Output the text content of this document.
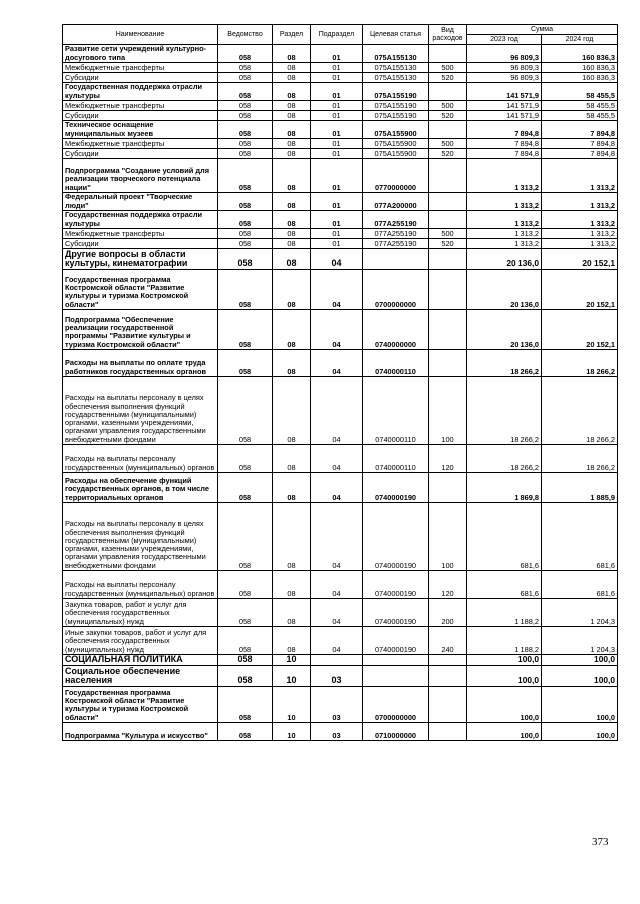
Наименование	Ведомство	Раздел	Подраздел	Целевая статья	Вид расходов	Сумма	
						2023 год	2024 год
Развитие сети учреждений культурно-досугового типа	058	08	01	075А155130		96 809,3	160 836,3
Межбюджетные трансферты	058	08	01	075А155130	500	96 809,3	160 836,3
Субсидии	058	08	01	075А155130	520	96 809,3	160 836,3
Государственная поддержка отрасли культуры	058	08	01	075А155190		141 571,9	58 455,5
Межбюджетные трансферты	058	08	01	075А155190	500	141 571,9	58 455,5
Субсидии	058	08	01	075А155190	520	141 571,9	58 455,5
Техническое оснащение муниципальных музеев	058	08	01	075А155900		7 894,8	7 894,8
Межбюджетные трансферты	058	08	01	075А155900	500	7 894,8	7 894,8
Субсидии	058	08	01	075А155900	520	7 894,8	7 894,8
Подпрограмма "Создание условий для реализации творческого потенциала нации"	058	08	01	0770000000		1 313,2	1 313,2
Федеральный проект "Творческие люди"	058	08	01	077А200000		1 313,2	1 313,2
Государственная поддержка отрасли культуры	058	08	01	077А255190		1 313,2	1 313,2
Межбюджетные трансферты	058	08	01	077А255190	500	1 313,2	1 313,2
Субсидии	058	08	01	077А255190	520	1 313,2	1 313,2
Другие вопросы в области культуры, кинематографии	058	08	04			20 136,0	20 152,1
Государственная программа Костромской области "Развитие культуры и туризма Костромской области"	058	08	04	0700000000		20 136,0	20 152,1
Подпрограмма "Обеспечение реализации государственной программы "Развитие культуры и туризма Костромской области"	058	08	04	0740000000		20 136,0	20 152,1
Расходы на выплаты по оплате труда работников государственных органов	058	08	04	0740000110		18 266,2	18 266,2
Расходы на выплаты персоналу в целях обеспечения выполнения функций государственными (муниципальными) органами, казенными учреждениями, органами управления государственными внебюджетными фондами	058	08	04	0740000110	100	18 266,2	18 266,2
Расходы на выплаты персоналу государственных (муниципальных) органов	058	08	04	0740000110	120	18 266,2	18 266,2
Расходы на обеспечение функций государственных органов, в том числе территориальных органов	058	08	04	0740000190		1 869,8	1 885,9
Расходы на выплаты персоналу в целях обеспечения выполнения функций государственными (муниципальными) органами, казенными учреждениями, органами управления государственными внебюджетными фондами	058	08	04	0740000190	100	681,6	681,6
Расходы на выплаты персоналу государственных (муниципальных) органов	058	08	04	0740000190	120	681,6	681,6
Закупка товаров, работ и услуг для обеспечения государственных (муниципальных) нужд	058	08	04	0740000190	200	1 188,2	1 204,3
Иные закупки товаров, работ и услуг для обеспечения государственных (муниципальных) нужд	058	08	04	0740000190	240	1 188,2	1 204,3
СОЦИАЛЬНАЯ ПОЛИТИКА	058	10				100,0	100,0
Социальное обеспечение населения	058	10	03			100,0	100,0
Государственная программа Костромской области "Развитие культуры и туризма Костромской области"	058	10	03	0700000000		100,0	100,0
Подпрограмма "Культура и искусство"	058	10	03	0710000000		100,0	100,0
373
